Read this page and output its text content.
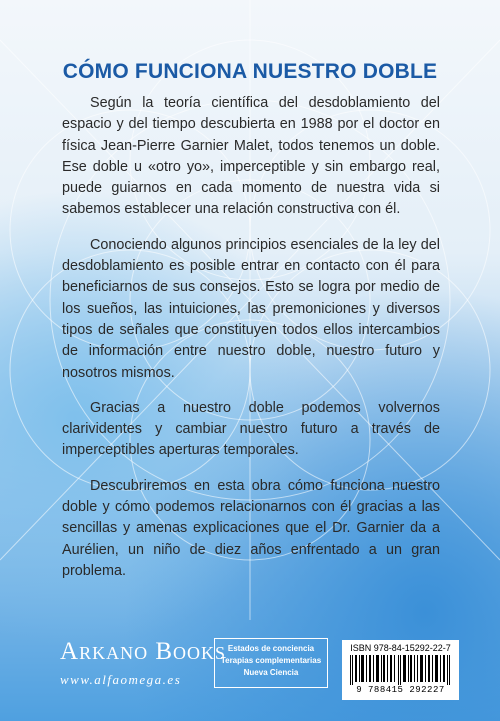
CÓMO FUNCIONA NUESTRO DOBLE

Según la teoría científica del desdoblamiento del espacio y del tiempo descubierta en 1988 por el doctor en física Jean-Pierre Garnier Malet, todos tenemos un doble. Ese doble u «otro yo», imperceptible y sin embargo real, puede guiarnos en cada momento de nuestra vida si sabemos establecer una relación constructiva con él.

Conociendo algunos principios esenciales de la ley del desdoblamiento es posible entrar en contacto con él para beneficiarnos de sus consejos. Esto se logra por medio de los sueños, las intuiciones, las premoniciones y diversos tipos de señales que constituyen todos ellos intercambios de información entre nuestro doble, nuestro futuro y nosotros mismos.

Gracias a nuestro doble podemos volvernos clarividentes y cambiar nuestro futuro a través de imperceptibles aperturas temporales.

Descubriremos en esta obra cómo funciona nuestro doble y cómo podemos relacionarnos con él gracias a las sencillas y amenas explicaciones que el Dr. Garnier da a Aurélien, un niño de diez años enfrentado a un gran problema.

ARKANO BOOKS
www.alfaomega.es
Estados de conciencia
Terapias complementarias
Nueva Ciencia
ISBN 978-84-15292-22-7
9 788415 292227
